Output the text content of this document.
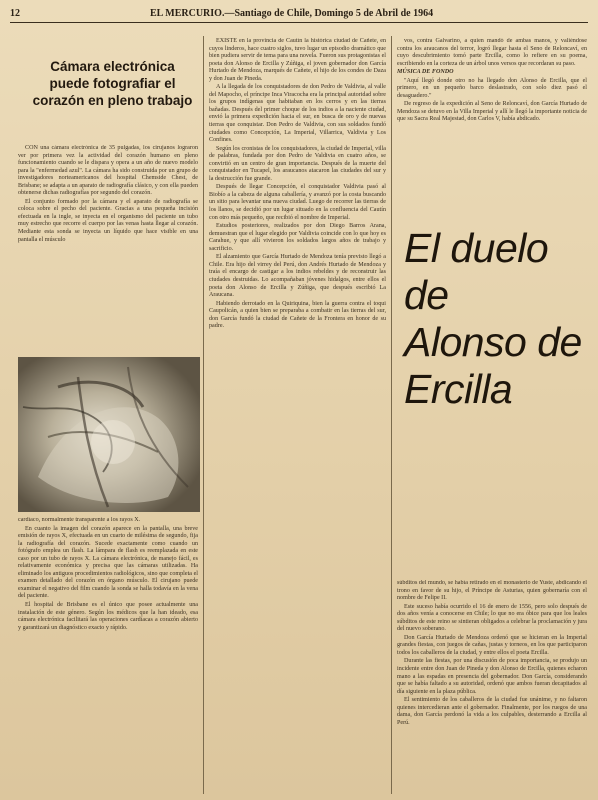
12	EL MERCURIO.—Santiago de Chile, Domingo 5 de Abril de 1964
Cámara electrónica puede fotografiar el corazón en pleno trabajo

CON una cámara electrónica de 35 pulgadas, los cirujanos lograron ver por primera vez la actividad del corazón humano en pleno funcionamiento cuando se le dispara y opera a un año de nuevo modelo para la "enfermedad azul". La cámara ha sido construida por un grupo de investigadores norteamericanos del hospital Chemside Chest, de Brisbane; se adapta a un aparato de radiografía clásico, y con ella pueden obtenerse dichas radiografías por segundo del corazón.

El conjunto formado por la cámara y el aparato de radiografía se coloca sobre el pecho del paciente. Gracias a una pequeña incisión efectuada en la ingle, se inyecta en el organismo del paciente un tubo muy estrecho que recorre el cuerpo por las venas hasta llegar al corazón. Mediante esta sonda se inyecta un líquido que hace visible en una pantalla el músculo

cardíaco, normalmente transparente a los rayos X.

En cuanto la imagen del corazón aparece en la pantalla, una breve emisión de rayos X, efectuada en un cuarto de milésima de segundo, fija la radiografía del corazón. Sucede exactamente como cuando un fotógrafo emplea un flash. La lámpara de flash es reemplazada en este caso por un tubo de rayos X. La cámara electrónica, de manejo fácil, es relativamente económica y precisa que las cámaras utilizadas. Ha eliminado los antiguos procedimientos radiológicos, sino que completa el examen detallado del corazón en órgano músculo. El cirujano puede examinar el negativo del film cuando la sonda se halla todavía en la vena del paciente.

El hospital de Brisbane es el único que posee actualmente una instalación de este género. Según los médicos que la han ideado, esa cámara electrónica facilitará las operaciones cardíacas a corazón abierto y garantizará un diagnóstico exacto y rápido.

EXISTE en la provincia de Cautín la histórica ciudad de Cañete, en cuyos linderos, hace cuatro siglos, tuvo lugar un episodio dramático que bien pudiera servir de tema para una novela. Fueron sus protagonistas el poeta don Alonso de Ercilla y Zúñiga, el joven gobernador don García Hurtado de Mendoza, marqués de Cañete, el hijo de los condes de Daza y don Juan de Pineda.

A la llegada de los conquistadores de don Pedro de Valdivia, al valle del Mapocho, el príncipe Inca Viracocha era la principal autoridad sobre los grupos indígenas que habitaban en los cerros y en las tierras bañadas. Después del primer choque de los indios a la naciente ciudad, envió la primera expedición hacia el sur, en busca de oro y de nuevas tierras que conquistar. Don Pedro de Valdivia, con sus soldados fundó ciudades como Concepción, La Imperial, Villarrica, Valdivia y Los Confines.

Según los cronistas de los conquistadores, la ciudad de Imperial, villa de palabras, fundada por don Pedro de Valdivia en cuatro años, se convirtió en un centro de gran importancia. Después de la muerte del conquistador en Tucapel, los araucanos atacaron las ciudades del sur y la destrucción fue grande.

Después de llegar Concepción, el conquistador Valdivia pasó al Biobío a la cabeza de alguna caballería, y avanzó por la costa buscando un sitio para levantar una nueva ciudad. Luego de recorrer las tierras de los llanos, se decidió por un lugar situado en la confluencia del Cautín con otro más pequeño, que recibió el nombre de Imperial.

Estudios posteriores, realizados por don Diego Barros Arana, demuestran que el lugar elegido por Valdivia coincide con lo que hoy es Carahue, y que allí vivieron los soldados largos años de trabajo y sacrificio.

El alzamiento que García Hurtado de Mendoza tenía previsto llegó a Chile. Era hijo del virrey del Perú, don Andrés Hurtado de Mendoza y traía el encargo de castigar a los indios rebeldes y de reconstruir las ciudades destruidas. Lo acompañaban jóvenes hidalgos, entre ellos el poeta don Alonso de Ercilla y Zúñiga, que después escribió La Araucana.

Habiendo derrotado en la Quiriquina, bien la guerra contra el toqui Caupolicán, a quien bien se preparaba a combatir en las tierras del sur, don García fundó la ciudad de Cañete de la Frontera en honor de su padre.

vos, contra Galvarino, a quien mandó de ambas manos, y valiéndose contra los araucanos del terror, logró llegar hasta el Seno de Reloncaví, en cuyo descubrimiento tomó parte Ercilla, como lo refiere en su poema, escribiendo en la corteza de un árbol unos versos que recordaran su paso.

MÚSICA DE FONDO

"Aquí llegó donde otro no ha llegado don Alonso de Ercilla, que el primero, en un pequeño barco deslastrado, con solo diez pasó el desaguadero."

De regreso de la expedición al Seno de Reloncaví, don García Hurtado de Mendoza se detuvo en la Villa Imperial y allí le llegó la importante noticia de que su Sacra Real Majestad, don Carlos V, había abdicado.

El duelo
de
Alonso de
Ercilla

súbditos del mundo, se había retirado en el monasterio de Yuste, abdicando el trono en favor de su hijo, el Príncipe de Asturias, quien gobernaría con el nombre de Felipe II.

Este suceso había ocurrido el 16 de enero de 1556, pero solo después de dos años venía a conocerse en Chile; lo que no era óbice para que los leales súbditos de este reino se sintieran obligados a celebrar la proclamación y jura del nuevo soberano.

Don García Hurtado de Mendoza ordenó que se hicieran en la Imperial grandes fiestas, con juegos de cañas, justas y torneos, en los que participaron todos los caballeros de la ciudad, y entre ellos el poeta Ercilla.

Durante las fiestas, por una discusión de poca importancia, se produjo un incidente entre don Juan de Pineda y don Alonso de Ercilla, quienes echaron mano a las espadas en presencia del gobernador. Don García, considerando que se había faltado a su autoridad, ordenó que ambos fueran decapitados al día siguiente en la plaza pública.

El sentimiento de los caballeros de la ciudad fue unánime, y no faltaron quienes intercedieran ante el gobernador. Finalmente, por los ruegos de una dama, don García perdonó la vida a los culpables, desterrando a Ercilla al Perú.
